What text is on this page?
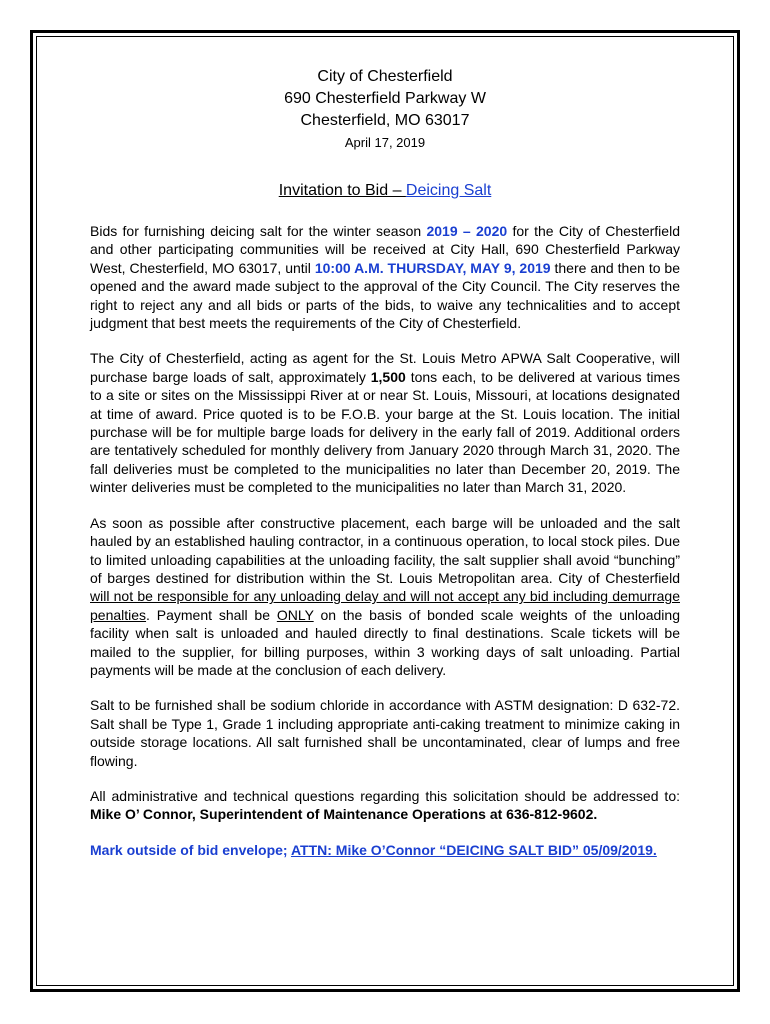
City of Chesterfield
690 Chesterfield Parkway W
Chesterfield, MO 63017
April 17, 2019
Invitation to Bid – Deicing Salt

Bids for furnishing deicing salt for the winter season 2019 – 2020 for the City of Chesterfield and other participating communities will be received at City Hall, 690 Chesterfield Parkway West, Chesterfield, MO 63017, until 10:00 A.M. THURSDAY, MAY 9, 2019 there and then to be opened and the award made subject to the approval of the City Council. The City reserves the right to reject any and all bids or parts of the bids, to waive any technicalities and to accept judgment that best meets the requirements of the City of Chesterfield.

The City of Chesterfield, acting as agent for the St. Louis Metro APWA Salt Cooperative, will purchase barge loads of salt, approximately 1,500 tons each, to be delivered at various times to a site or sites on the Mississippi River at or near St. Louis, Missouri, at locations designated at time of award. Price quoted is to be F.O.B. your barge at the St. Louis location. The initial purchase will be for multiple barge loads for delivery in the early fall of 2019. Additional orders are tentatively scheduled for monthly delivery from January 2020 through March 31, 2020. The fall deliveries must be completed to the municipalities no later than December 20, 2019. The winter deliveries must be completed to the municipalities no later than March 31, 2020.

As soon as possible after constructive placement, each barge will be unloaded and the salt hauled by an established hauling contractor, in a continuous operation, to local stock piles. Due to limited unloading capabilities at the unloading facility, the salt supplier shall avoid “bunching” of barges destined for distribution within the St. Louis Metropolitan area. City of Chesterfield will not be responsible for any unloading delay and will not accept any bid including demurrage penalties. Payment shall be ONLY on the basis of bonded scale weights of the unloading facility when salt is unloaded and hauled directly to final destinations. Scale tickets will be mailed to the supplier, for billing purposes, within 3 working days of salt unloading. Partial payments will be made at the conclusion of each delivery.

Salt to be furnished shall be sodium chloride in accordance with ASTM designation: D 632-72. Salt shall be Type 1, Grade 1 including appropriate anti-caking treatment to minimize caking in outside storage locations. All salt furnished shall be uncontaminated, clear of lumps and free flowing.

All administrative and technical questions regarding this solicitation should be addressed to: Mike O’ Connor, Superintendent of Maintenance Operations at 636-812-9602.

Mark outside of bid envelope; ATTN: Mike O’Connor “DEICING SALT BID” 05/09/2019.
